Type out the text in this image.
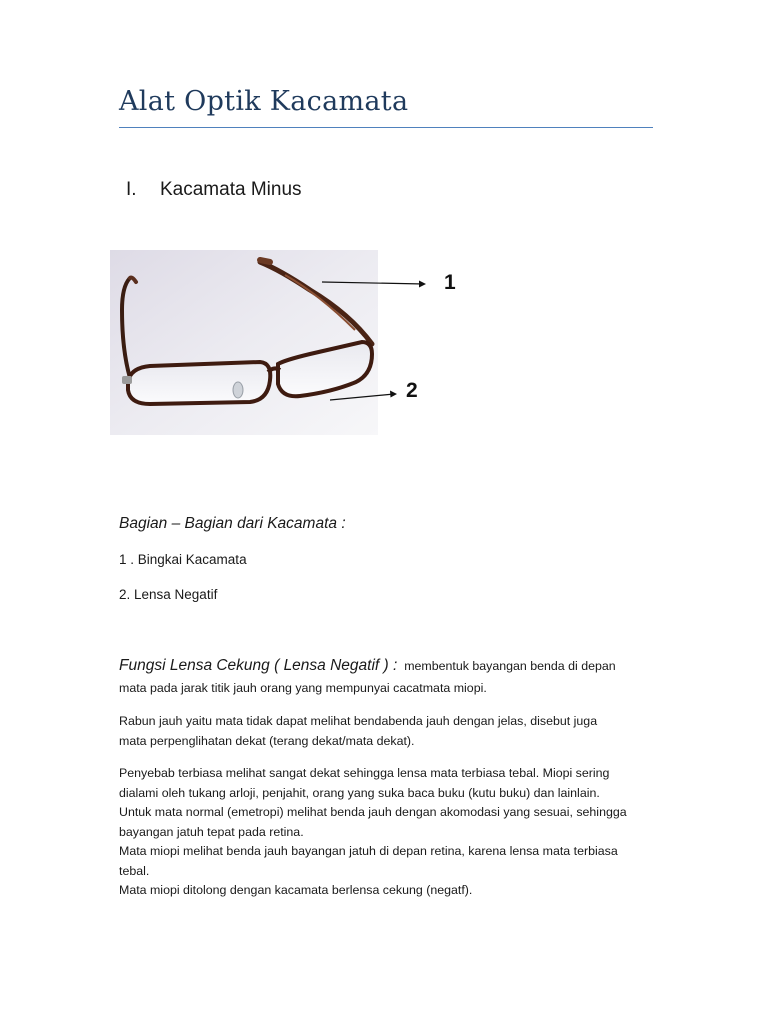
Alat Optik Kacamata
I. Kacamata Minus
1
2
Bagian – Bagian dari Kacamata :
1 . Bingkai Kacamata
2. Lensa Negatif
Fungsi Lensa Cekung ( Lensa Negatif ) : membentuk bayangan benda di depan
mata pada jarak titik jauh orang yang mempunyai cacatmata miopi.
Rabun jauh yaitu mata tidak dapat melihat bendabenda jauh dengan jelas, disebut juga
mata perpenglihatan dekat (terang dekat/mata dekat).
Penyebab terbiasa melihat sangat dekat sehingga lensa mata terbiasa tebal. Miopi sering
dialami oleh tukang arloji, penjahit, orang yang suka baca buku (kutu buku) dan lainlain.
Untuk mata normal (emetropi) melihat benda jauh dengan akomodasi yang sesuai, sehingga
bayangan jatuh tepat pada retina.
Mata miopi melihat benda jauh bayangan jatuh di depan retina, karena lensa mata terbiasa
tebal.
Mata miopi ditolong dengan kacamata berlensa cekung (negatf).
